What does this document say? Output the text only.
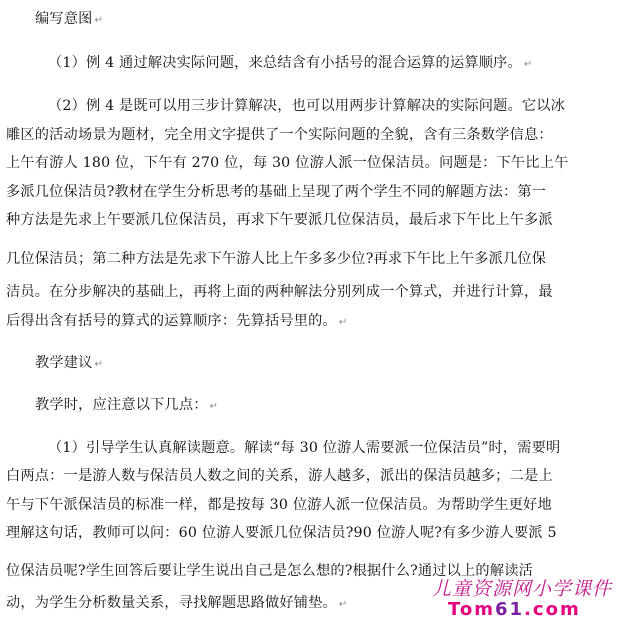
编写意图 ↵

（1）例 4 通过解决实际问题，来总结含有小括号的混合运算的运算顺序。 ↵

（2）例 4 是既可以用三步计算解决，也可以用两步计算解决的实际问题。它以冰

雕区的活动场景为题材，完全用文字提供了一个实际问题的全貌，含有三条数学信息：

上午有游人 180 位，下午有 270 位，每 30 位游人派一位保洁员。问题是：下午比上午

多派几位保洁员?教材在学生分析思考的基础上呈现了两个学生不同的解题方法：第一

种方法是先求上午要派几位保洁员，再求下午要派几位保洁员，最后求下午比上午多派

几位保洁员；第二种方法是先求下午游人比上午多多少位?再求下午比上午多派几位保

洁员。在分步解决的基础上，再将上面的两种解法分别列成一个算式，并进行计算，最

后得出含有括号的算式的运算顺序：先算括号里的。 ↵

教学建议 ↵

教学时，应注意以下几点： ↵

（1）引导学生认真解读题意。解读“每 30 位游人需要派一位保洁员”时，需要明

白两点：一是游人数与保洁员人数之间的关系，游人越多，派出的保洁员越多；二是上

午与下午派保洁员的标准一样，都是按每 30 位游人派一位保洁员。为帮助学生更好地

理解这句话，教师可以问：60 位游人要派几位保洁员?90 位游人呢?有多少游人要派 5

位保洁员呢?学生回答后要让学生说出自己是怎么想的?根据什么?通过以上的解读活

动，为学生分析数量关系，寻找解题思路做好铺垫。 ↵

儿童资源网小学课件
Tom61.com
